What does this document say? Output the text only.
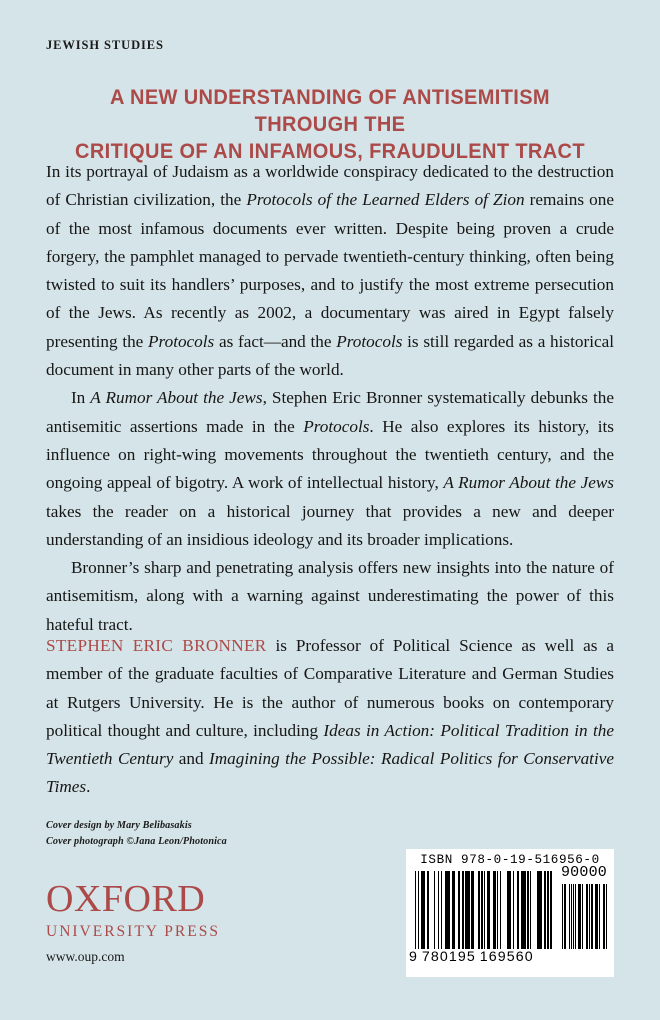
JEWISH STUDIES
A NEW UNDERSTANDING OF ANTISEMITISM THROUGH THE
CRITIQUE OF AN INFAMOUS, FRAUDULENT TRACT

In its portrayal of Judaism as a worldwide conspiracy dedicated to the destruction of Christian civilization, the Protocols of the Learned Elders of Zion remains one of the most infamous documents ever written. Despite being proven a crude forgery, the pamphlet managed to pervade twentieth-century thinking, often being twisted to suit its handlers’ purposes, and to justify the most extreme persecution of the Jews. As recently as 2002, a documentary was aired in Egypt falsely presenting the Protocols as fact—and the Protocols is still regarded as a historical document in many other parts of the world.

In A Rumor About the Jews, Stephen Eric Bronner systematically debunks the antisemitic assertions made in the Protocols. He also explores its history, its influence on right-wing movements throughout the twentieth century, and the ongoing appeal of bigotry. A work of intellectual history, A Rumor About the Jews takes the reader on a historical journey that provides a new and deeper understanding of an insidious ideology and its broader implications.

Bronner’s sharp and penetrating analysis offers new insights into the nature of antisemitism, along with a warning against underestimating the power of this hateful tract.

STEPHEN ERIC BRONNER is Professor of Political Science as well as a member of the graduate faculties of Comparative Literature and German Studies at Rutgers University. He is the author of numerous books on contemporary political thought and culture, including Ideas in Action: Political Tradition in the Twentieth Century and Imagining the Possible: Radical Politics for Conservative Times.

Cover design by Mary Belibasakis
Cover photograph ©Jana Leon/Photonica
OXFORD
UNIVERSITY PRESS
www.oup.com
ISBN 978-0-19-516956-0
90000
9 780195 169560
